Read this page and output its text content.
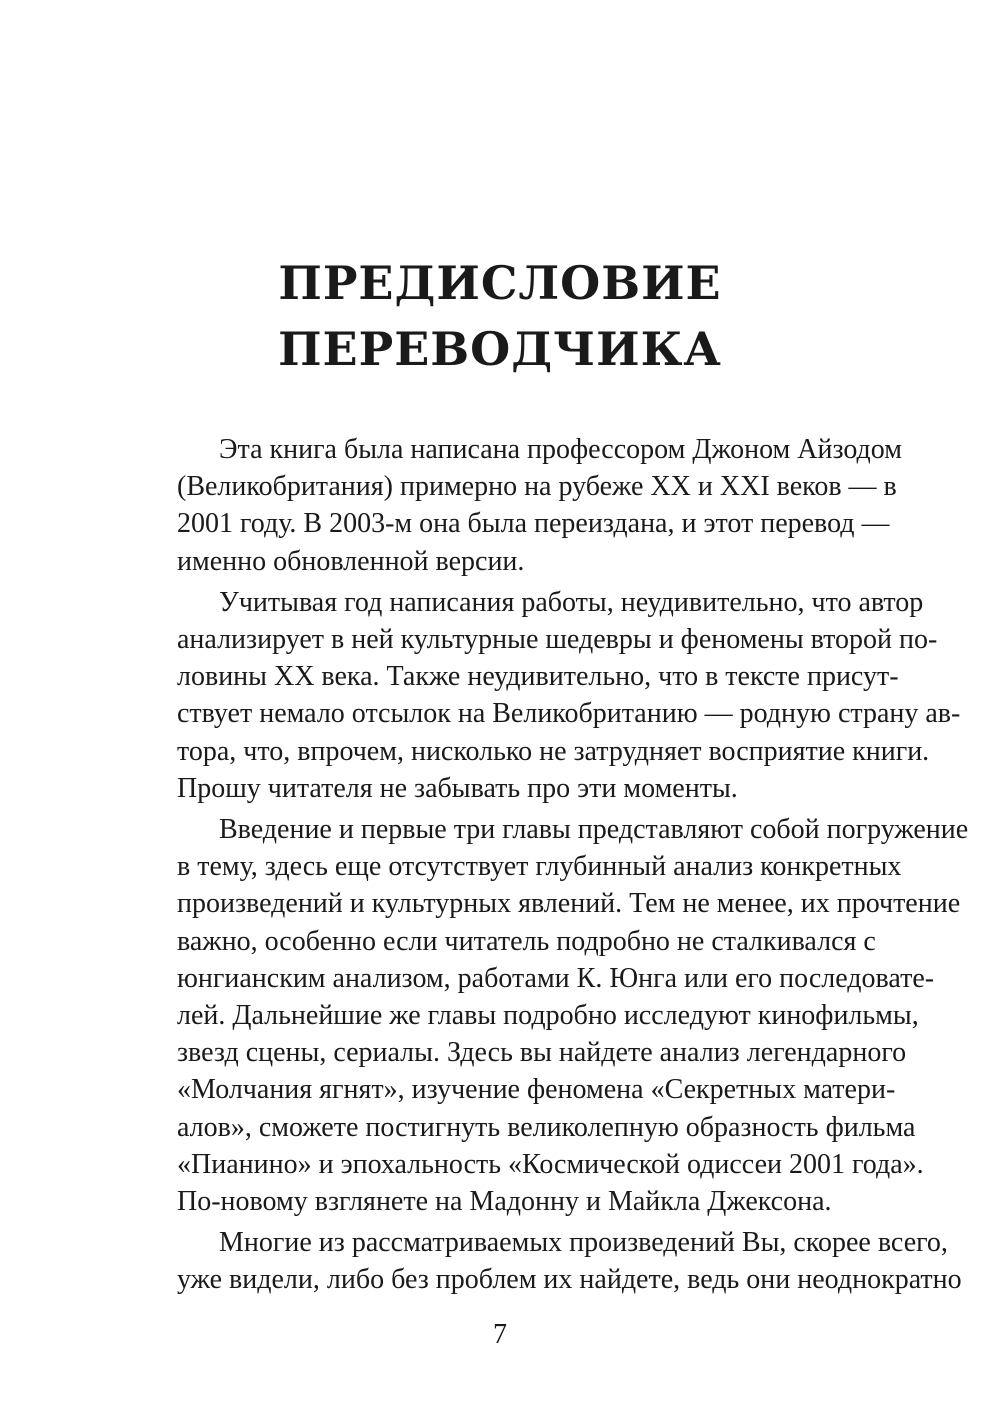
ПРЕДИСЛОВИЕ
ПЕРЕВОДЧИКА
Эта книга была написана профессором Джоном Айзодом
(Великобритания) примерно на рубеже XX и XXI веков — в
2001 году. В 2003-м она была переиздана, и этот перевод —
именно обновленной версии.
Учитывая год написания работы, неудивительно, что автор
анализирует в ней культурные шедевры и феномены второй по-
ловины XX века. Также неудивительно, что в тексте присут-
ствует немало отсылок на Великобританию — родную страну ав-
тора, что, впрочем, нисколько не затрудняет восприятие книги.
Прошу читателя не забывать про эти моменты.
Введение и первые три главы представляют собой погружение
в тему, здесь еще отсутствует глубинный анализ конкретных
произведений и культурных явлений. Тем не менее, их прочтение
важно, особенно если читатель подробно не сталкивался с
юнгианским анализом, работами К. Юнга или его последовате-
лей. Дальнейшие же главы подробно исследуют кинофильмы,
звезд сцены, сериалы. Здесь вы найдете анализ легендарного
«Молчания ягнят», изучение феномена «Секретных матери-
алов», сможете постигнуть великолепную образность фильма
«Пианино» и эпохальность «Космической одиссеи 2001 года».
По-новому взглянете на Мадонну и Майкла Джексона.
Многие из рассматриваемых произведений Вы, скорее всего,
уже видели, либо без проблем их найдете, ведь они неоднократно
7
